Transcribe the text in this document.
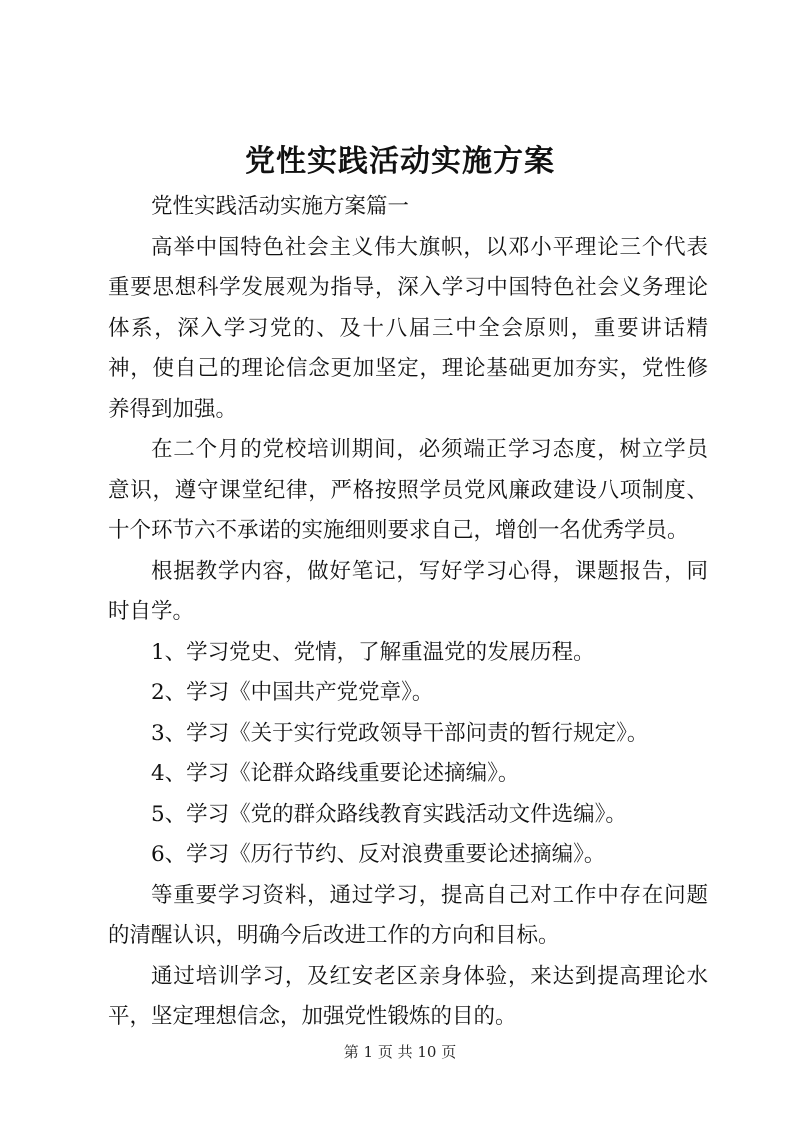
党性实践活动实施方案

党性实践活动实施方案篇一

高举中国特色社会主义伟大旗帜，以邓小平理论三个代表重要思想科学发展观为指导，深入学习中国特色社会义务理论体系，深入学习党的、及十八届三中全会原则，重要讲话精神，使自己的理论信念更加坚定，理论基础更加夯实，党性修养得到加强。

在二个月的党校培训期间，必须端正学习态度，树立学员意识，遵守课堂纪律，严格按照学员党风廉政建设八项制度、十个环节六不承诺的实施细则要求自己，增创一名优秀学员。

根据教学内容，做好笔记，写好学习心得，课题报告，同时自学。

1、学习党史、党情，了解重温党的发展历程。

2、学习《中国共产党党章》。

3、学习《关于实行党政领导干部问责的暂行规定》。

4、学习《论群众路线重要论述摘编》。

5、学习《党的群众路线教育实践活动文件选编》。

6、学习《历行节约、反对浪费重要论述摘编》。

等重要学习资料，通过学习，提高自己对工作中存在问题的清醒认识，明确今后改进工作的方向和目标。

通过培训学习，及红安老区亲身体验，来达到提高理论水平，坚定理想信念，加强党性锻炼的目的。

第 1 页 共 10 页
